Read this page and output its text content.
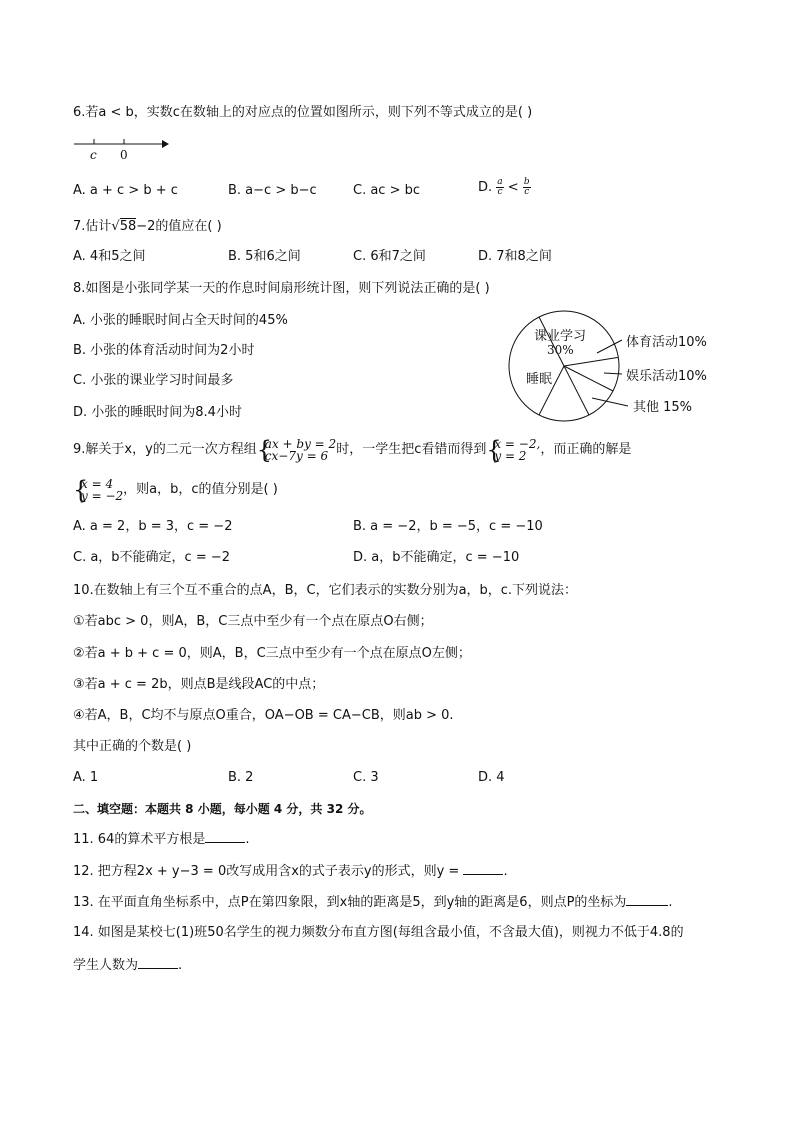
6.若a < b，实数c在数轴上的对应点的位置如图所示，则下列不等式成立的是( )
c 0
A. a + c > b + c	B. a−c > b−c	C. ac > bc	D. $\frac{a}{c} < \frac{b}{c}$
7.估计√58−2的值应在( )
A. 4和5之间	B. 5和6之间	C. 6和7之间	D. 7和8之间
8.如图是小张同学某一天的作息时间扇形统计图，则下列说法正确的是( )
A. 小张的睡眠时间占全天时间的45%
B. 小张的体育活动时间为2小时
C. 小张的课业学习时间最多
D. 小张的睡眠时间为8.4小时
课业学习
30%
睡眠
体育活动10%
娱乐活动10%
其他 15%
9.解关于x，y的二元一次方程组 {
ax + by = 2
cx−7y = 6 时，一学生把c看错而得到 {
x = −2,
y = 2	，而正确的解是
{
x = 4
y = −2 ，则a，b，c的值分别是( )
A. a = 2，b = 3，c = −2	B. a = −2，b = −5，c = −10
C. a，b不能确定，c = −2	D. a，b不能确定，c = −10
10.在数轴上有三个互不重合的点A，B，C，它们表示的实数分别为a，b，c.下列说法：
①若abc > 0，则A，B，C三点中至少有一个点在原点O右侧；
②若a + b + c = 0，则A，B，C三点中至少有一个点在原点O左侧；
③若a + c = 2b，则点B是线段AC的中点；
④若A，B，C均不与原点O重合，OA−OB = CA−CB，则ab > 0.
其中正确的个数是( )
A. 1	B. 2	C. 3	D. 4
二、填空题：本题共 8 小题，每小题 4 分，共 32 分。
11. 64的算术平方根是	.
12. 把方程2x + y−3 = 0改写成用含x的式子表示y的形式，则y =	.
13. 在平面直角坐标系中，点P在第四象限，到x轴的距离是5，到y轴的距离是6，则点P的坐标为	.
14. 如图是某校七(1)班50名学生的视力频数分布直方图(每组含最小值，不含最大值)，则视力不低于4.8的
学生人数为	.
